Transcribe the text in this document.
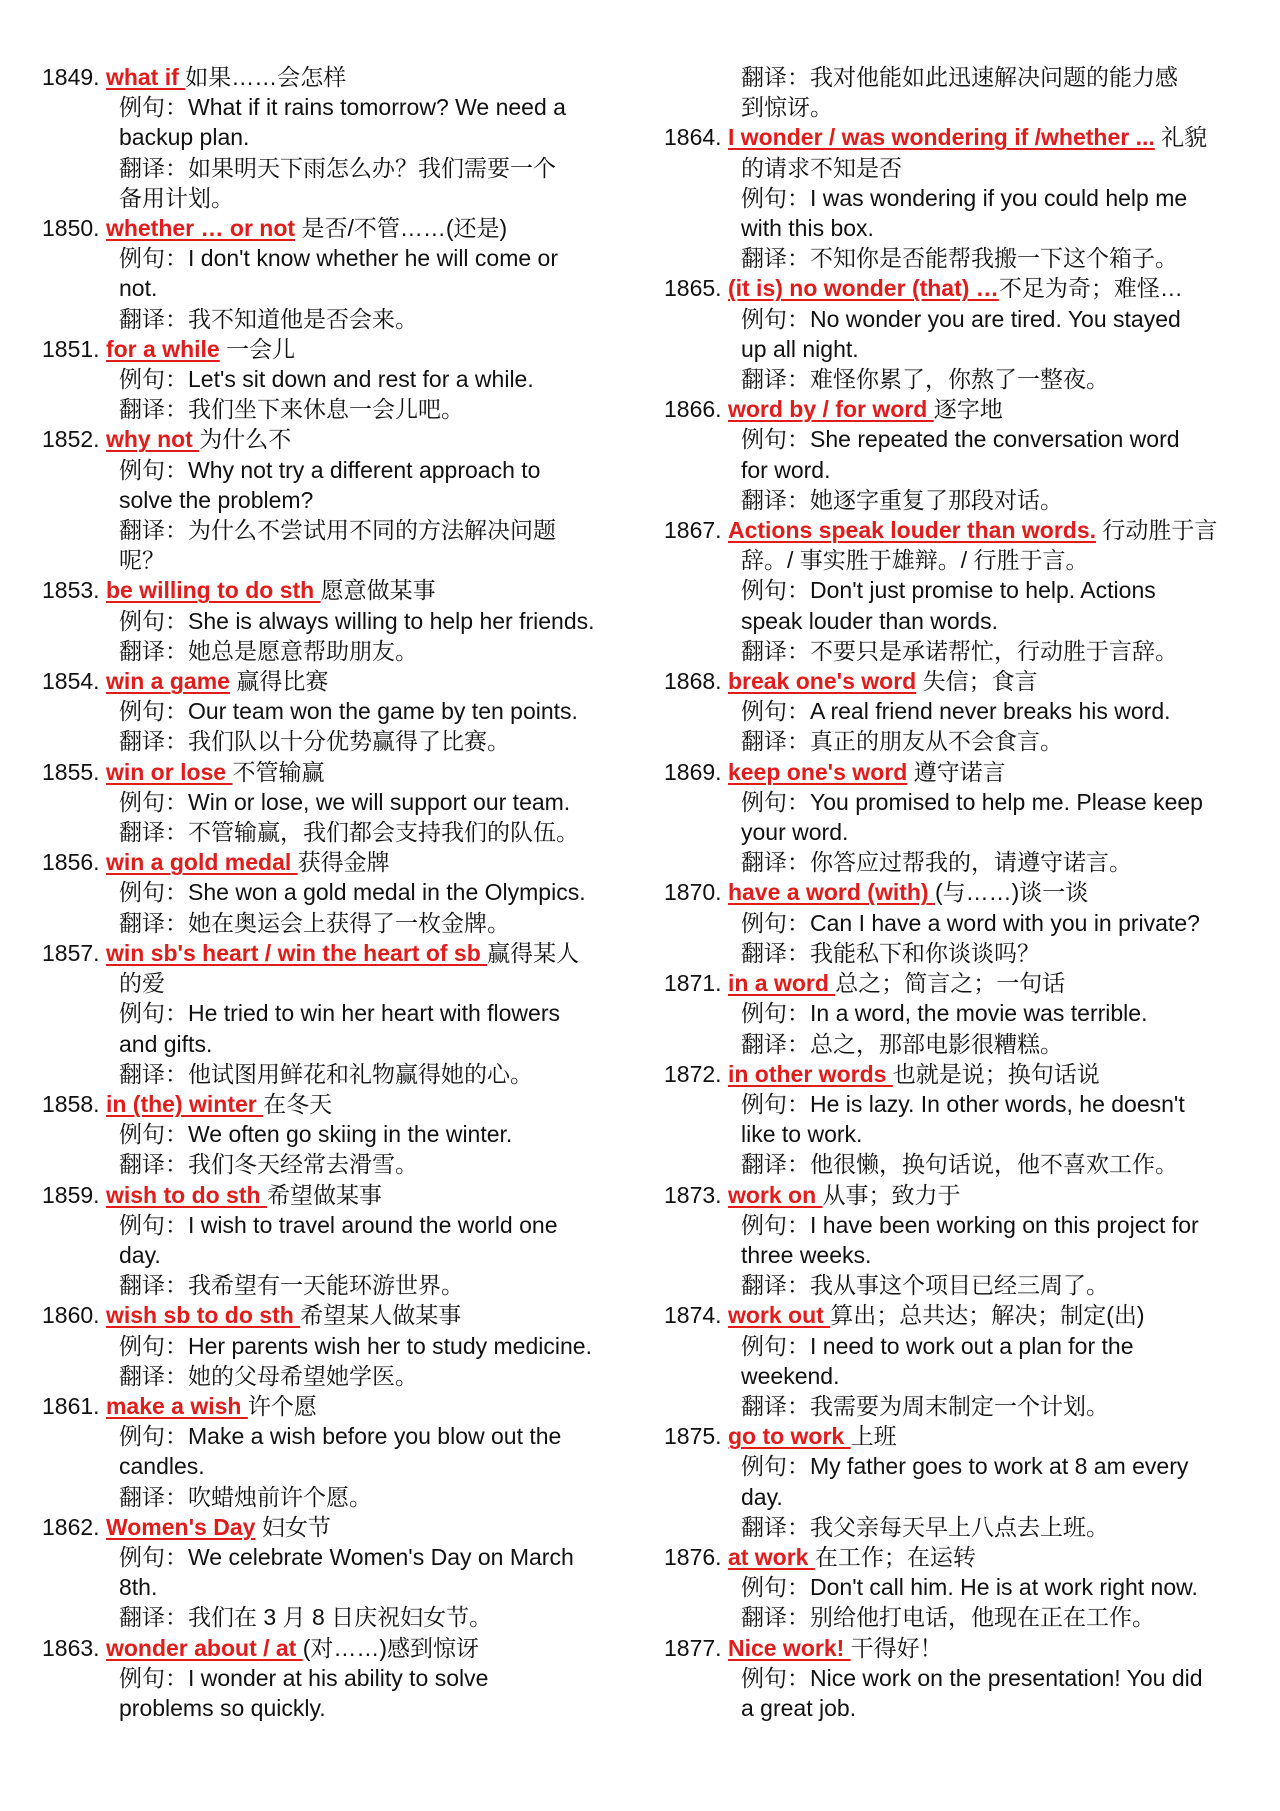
1849. what if 如果……会怎样
例句：What if it rains tomorrow? We need a
backup plan.
翻译：如果明天下雨怎么办？我们需要一个
备用计划。
1850. whether … or not 是否/不管……(还是)
例句：I don't know whether he will come or
not.
翻译：我不知道他是否会来。
1851. for a while 一会儿
例句：Let's sit down and rest for a while.
翻译：我们坐下来休息一会儿吧。
1852. why not 为什么不
例句：Why not try a different approach to
solve the problem?
翻译：为什么不尝试用不同的方法解决问题
呢？
1853. be willing to do sth 愿意做某事
例句：She is always willing to help her friends.
翻译：她总是愿意帮助朋友。
1854. win a game 赢得比赛
例句：Our team won the game by ten points.
翻译：我们队以十分优势赢得了比赛。
1855. win or lose 不管输赢
例句：Win or lose, we will support our team.
翻译：不管输赢，我们都会支持我们的队伍。
1856. win a gold medal 获得金牌
例句：She won a gold medal in the Olympics.
翻译：她在奥运会上获得了一枚金牌。
1857. win sb's heart / win the heart of sb 赢得某人
的爱
例句：He tried to win her heart with flowers
and gifts.
翻译：他试图用鲜花和礼物赢得她的心。
1858. in (the) winter 在冬天
例句：We often go skiing in the winter.
翻译：我们冬天经常去滑雪。
1859. wish to do sth 希望做某事
例句：I wish to travel around the world one
day.
翻译：我希望有一天能环游世界。
1860. wish sb to do sth 希望某人做某事
例句：Her parents wish her to study medicine.
翻译：她的父母希望她学医。
1861. make a wish 许个愿
例句：Make a wish before you blow out the
candles.
翻译：吹蜡烛前许个愿。
1862. Women's Day 妇女节
例句：We celebrate Women's Day on March
8th.
翻译：我们在 3 月 8 日庆祝妇女节。
1863. wonder about / at (对……)感到惊讶
例句：I wonder at his ability to solve
problems so quickly.
翻译：我对他能如此迅速解决问题的能力感
到惊讶。
1864. I wonder / was wondering if /whether ... 礼貌
的请求不知是否
例句：I was wondering if you could help me
with this box.
翻译：不知你是否能帮我搬一下这个箱子。
1865. (it is) no wonder (that) …不足为奇；难怪…
例句：No wonder you are tired. You stayed
up all night.
翻译：难怪你累了，你熬了一整夜。
1866. word by / for word 逐字地
例句：She repeated the conversation word
for word.
翻译：她逐字重复了那段对话。
1867. Actions speak louder than words. 行动胜于言
辞。/ 事实胜于雄辩。/ 行胜于言。
例句：Don't just promise to help. Actions
speak louder than words.
翻译：不要只是承诺帮忙，行动胜于言辞。
1868. break one's word 失信；食言
例句：A real friend never breaks his word.
翻译：真正的朋友从不会食言。
1869. keep one's word 遵守诺言
例句：You promised to help me. Please keep
your word.
翻译：你答应过帮我的，请遵守诺言。
1870. have a word (with) (与……)谈一谈
例句：Can I have a word with you in private?
翻译：我能私下和你谈谈吗？
1871. in a word 总之；简言之；一句话
例句：In a word, the movie was terrible.
翻译：总之，那部电影很糟糕。
1872. in other words 也就是说；换句话说
例句：He is lazy. In other words, he doesn't
like to work.
翻译：他很懒，换句话说，他不喜欢工作。
1873. work on 从事；致力于
例句：I have been working on this project for
three weeks.
翻译：我从事这个项目已经三周了。
1874. work out 算出；总共达；解决；制定(出)
例句：I need to work out a plan for the
weekend.
翻译：我需要为周末制定一个计划。
1875. go to work 上班
例句：My father goes to work at 8 am every
day.
翻译：我父亲每天早上八点去上班。
1876. at work 在工作；在运转
例句：Don't call him. He is at work right now.
翻译：别给他打电话，他现在正在工作。
1877. Nice work! 干得好！
例句：Nice work on the presentation! You did
a great job.
